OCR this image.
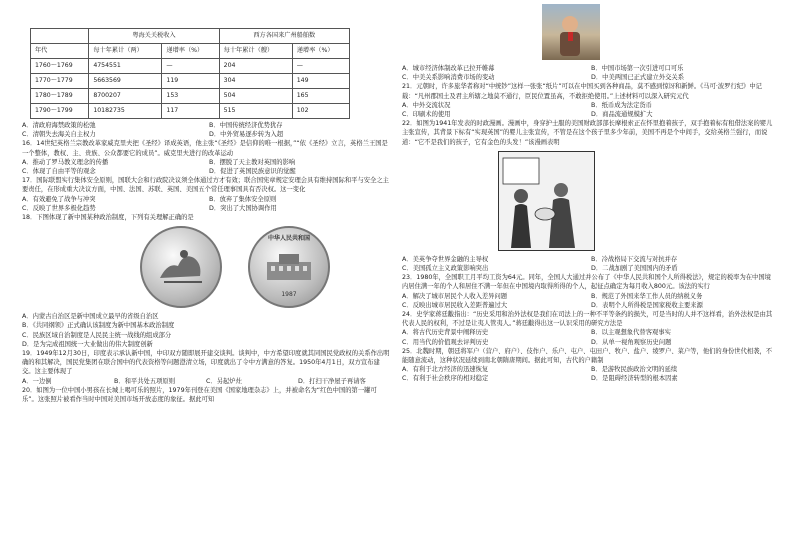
	粤海关关税收入		西方各国来广州船舶数	
年代	每十年累计（两）	递增率（%）	每十年累计（艘）	递增率（%）
1760～1769	4754551	—	204	—
1770～1779	5663569	119	304	149
1780～1789	8700207	153	504	165
1790～1799	10182735	117	515	102
A．清政府海禁政策的松弛	B．中国传统经济优势犹存
C．清朝失去海关自主权力	D．中外贸易逐步转为入超

16．14世纪英格兰宗教改革家威克里夫把《圣经》译成英语，他主张“《圣经》是信仰的唯一根据，”“依《圣经》立言，英格兰王国是一个整体，教权、主、贵族、公众都要它的成员”。威克里夫进行的改革运动

A．推动了罗马教义理念的传播	B．摆脱了天主教对英国的影响
C．体现了自由平等的观念	D．促进了英国民族意识的觉醒

17．国际联盟实行集体安全原则，国联大会和行政院决议须全体通过方才有效；联合国宪章规定安理会具有维持国际和平与安全之主要责任，在形成重大决议方面，中国、法国、苏联、英国、美国五个常任理事国具有否决权。这一变化

A．有效避免了战争与冲突	B．放弃了集体安全原则
C．反映了世界多极化趋势	D．突出了大国协调作用

18．下图体现了新中国某种政治制度，下列有关理解正确的是

中华人民共和国
1987
A．内蒙古自治区是新中国成立最早的省级自治区
B．《共同纲领》正式确认该制度为新中国基本政治制度
C．民族区域自治制度是人民民主统一战线的组成部分
D．是为完成祖国统一大业做出的伟大制度创新

19．1949年12月30日，印度表示承认新中国，中印双方随即展开建交谈判。谈判中，中方希望印度就其同国民党政权的关系作出明确的和其解决，国民党集团在联合国中的代表资格等问题澄清立场，印度就出了令中方满意的答复。1950年4月1日，双方宣布建交。这主要体现了

A．一边倒	B．和平共处五项原则	C．另起炉灶	D．打扫干净屋子再请客

20．如图为一位中国小男孩在长城上喝可乐的照片，1979年刊登在美国《国家地理杂志》上，并被命名为“红色中国的第一罐可乐”。这张照片被看作当时中国对美国市场开放态度的象征。据此可知

A．城市经济体制改革已拉开帷幕	B．中国市场第一次引进可口可乐
C．中美关系影响消费市场的变动	D．中美两国已正式建立外交关系

21．元朝时，许多旅华者称对“中统钞”这样一张张“纸片”可以在中国买到各种商品，莫不感到惊讶和新鲜。《马可·波罗行纪》中记载：“凡州郡国土及君主所辖之地莫不通行，臣民位置虽高，不敢拒绝使用。”上述材料可以深入研究元代

A．中外交流状况	B．纸币成为法定货币
C．印刷术的使用	D．商品流通规模扩大

22．如图为1941年发表的时政漫画。漫画中，身穿护士服的美国财政部部长摩根索正在怀里抱着孩子，双手抱着标有租借法案的婴儿主张宣传，其背景下标有“实现英国”的婴儿主张宣传，不管是在这个孩子里多少年前，美国不再是个中间手，交给英格兰强行，而说道：“它不是我们的孩子，它有金色的头发！”该漫画表明

A．美英争夺世界金融的主导权	B．冷战格局下交流与对抗并存
C．美国孤立主义政策影响突出	D．二战加剧了美国国内的矛盾

23．1980年，全国职工月平均工资为64元。同年，全国人大通过并公布了《中华人民共和国个人所得税法》，规定的税率为在中国境内居住满一年的个人和居住不满一年但在中国境内取得所得的个人，起征点确定为每月收入800元。该法的实行

A．解决了城市居民个人收入差异问题	B．规范了外国来华工作人员的纳税义务
C．反映出城市居民收入差距普遍过大	D．表明个人所得税是国家税收主要来源

24．史学家蒋廷黻指出：“历史采用和治外法权是我们在司法上的一种不平等条约的损失，可是当时的人并不这样看，治外法权是由其代表人民的权利，不过是让夷人管夷人。”蒋廷黻得出这一认识采用的研究方法是

A．将古代历史背景中阐释历史	B．以主观想象代替客观事实
C．用当代的价值观去评判历史	D．从单一视角观察历史问题

25．北魏时期，朝廷将军户（营户、府户）、伎作户、乐户、屯户、屯田户、牧户、盐户、绫罗户、菜户等，他们的身份世代相袭，不能随意流动，这种状况延续到南北朝隋唐期间。据此可知，古代的户籍制

A．有利于北方经济的迅速恢复	B．是游牧民族政治文明的延续
C．有利于社会秩序的相对稳定	D．是阻碍经济转型的根本因素
